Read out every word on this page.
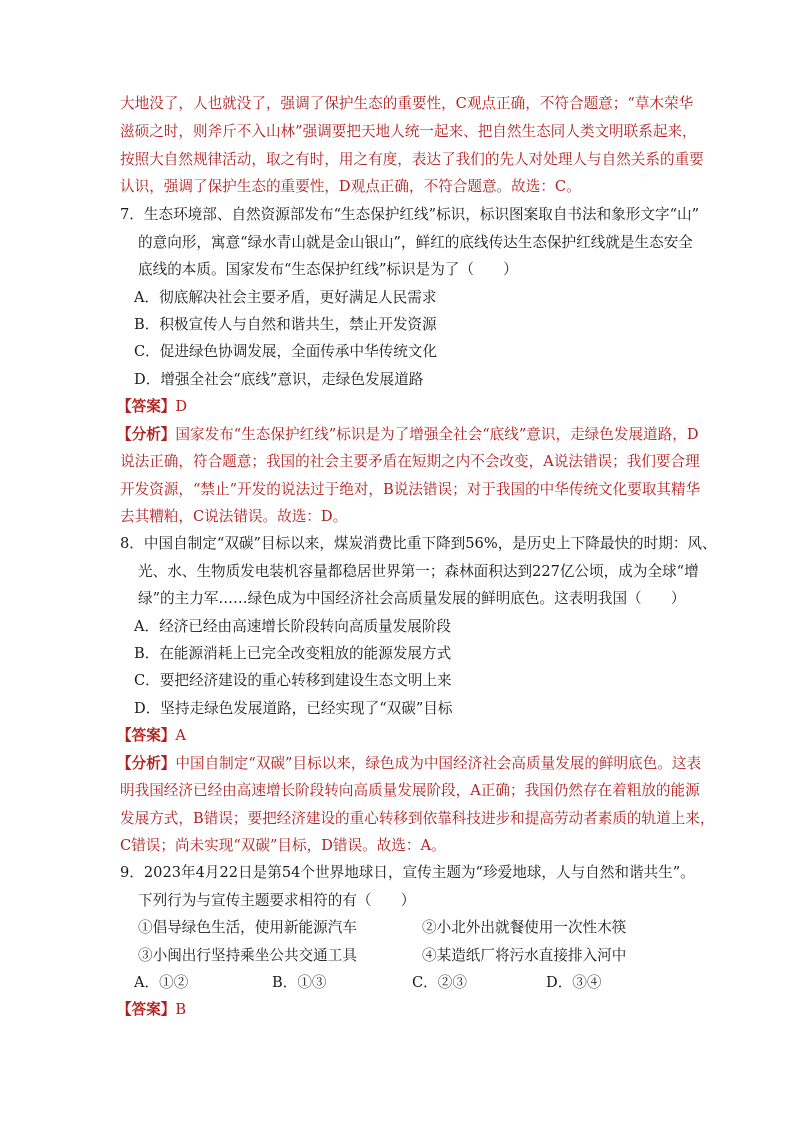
大地没了，人也就没了，强调了保护生态的重要性，C观点正确，不符合题意；“草木荣华
滋硕之时，则斧斤不入山林”强调要把天地人统一起来、把自然生态同人类文明联系起来，
按照大自然规律活动，取之有时，用之有度，表达了我们的先人对处理人与自然关系的重要
认识，强调了保护生态的重要性，D观点正确，不符合题意。故选：C。
7．生态环境部、自然资源部发布“生态保护红线”标识，标识图案取自书法和象形文字“山”
的意向形，寓意“绿水青山就是金山银山”，鲜红的底线传达生态保护红线就是生态安全
底线的本质。国家发布“生态保护红线”标识是为了（　　）
A．彻底解决社会主要矛盾，更好满足人民需求
B．积极宣传人与自然和谐共生，禁止开发资源
C．促进绿色协调发展，全面传承中华传统文化
D．增强全社会“底线”意识，走绿色发展道路
【答案】D
【分析】国家发布“生态保护红线”标识是为了增强全社会“底线”意识，走绿色发展道路，D
说法正确，符合题意；我国的社会主要矛盾在短期之内不会改变，A说法错误；我们要合理
开发资源，“禁止”开发的说法过于绝对，B说法错误；对于我国的中华传统文化要取其精华
去其糟粕，C说法错误。故选：D。
8．中国自制定“双碳”目标以来，煤炭消费比重下降到56%，是历史上下降最快的时期：风、
光、水、生物质发电装机容量都稳居世界第一；森林面积达到227亿公顷，成为全球“增
绿”的主力军……绿色成为中国经济社会高质量发展的鲜明底色。这表明我国（　　）
A．经济已经由高速增长阶段转向高质量发展阶段
B．在能源消耗上已完全改变粗放的能源发展方式
C．要把经济建设的重心转移到建设生态文明上来
D．坚持走绿色发展道路，已经实现了“双碳”目标
【答案】A
【分析】中国自制定“双碳”目标以来，绿色成为中国经济社会高质量发展的鲜明底色。这表
明我国经济已经由高速增长阶段转向高质量发展阶段，A正确；我国仍然存在着粗放的能源
发展方式，B错误；要把经济建设的重心转移到依靠科技进步和提高劳动者素质的轨道上来，
C错误；尚未实现“双碳”目标，D错误。故选：A。
9．2023年4月22日是第54个世界地球日，宣传主题为“珍爱地球，人与自然和谐共生”。
下列行为与宣传主题要求相符的有（　　）
①倡导绿色生活，使用新能源汽车	②小北外出就餐使用一次性木筷
③小闽出行坚持乘坐公共交通工具	④某造纸厂将污水直接排入河中
A．①②	B．①③	C．②③	D．③④
【答案】B
